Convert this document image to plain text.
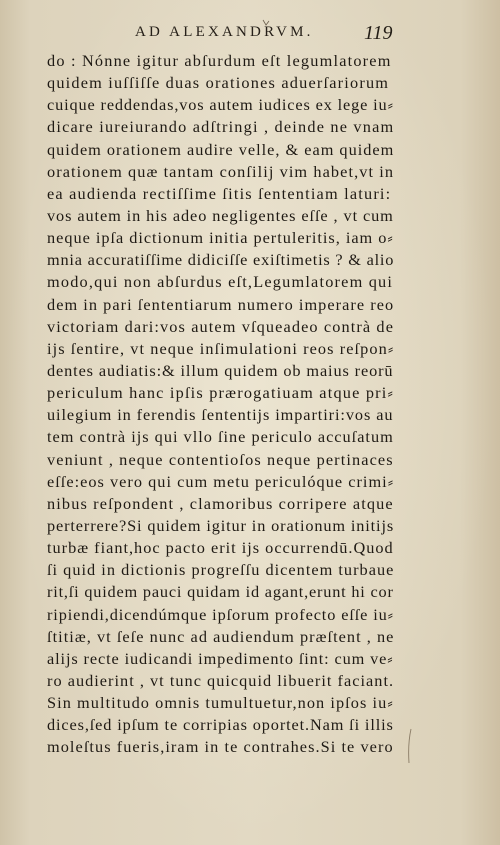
AD ALEXANDRVM.	119
do : Nónne igitur abſurdum eſt legumlatorem
quidem iuſſiſſe duas orationes aduerſariorum
cuique reddendas,vos autem iudices ex lege iu⸗
dicare iureiurando adſtringi , deinde ne vnam
quidem orationem audire velle, & eam quidem
orationem quæ tantam conſilij vim habet,vt in
ea audienda rectiſſime ſitis ſententiam laturi:
vos autem in his adeo negligentes eſſe , vt cum
neque ipſa dictionum initia pertuleritis, iam o⸗
mnia accuratiſſime didiciſſe exiſtimetis ? & alio
modo,qui non abſurdus eſt,Legumlatorem qui
dem in pari ſententiarum numero imperare reo
victoriam dari:vos autem vſqueadeo contrà de
ijs ſentire, vt neque inſimulationi reos reſpon⸗
dentes audiatis:& illum quidem ob maius reorū
periculum hanc ipſis prærogatiuam atque pri⸗
uilegium in ferendis ſententijs impartiri:vos au
tem contrà ijs qui vllo ſine periculo accuſatum
veniunt , neque contentioſos neque pertinaces
eſſe:eos vero qui cum metu periculóque crimi⸗
nibus reſpondent , clamoribus corripere atque
perterrere?Si quidem igitur in orationum initijs
turbæ fiant,hoc pacto erit ijs occurrendū.Quod
ſi quid in dictionis progreſſu dicentem turbaue
rit,ſi quidem pauci quidam id agant,erunt hi cor
ripiendi,dicendúmque ipſorum profecto eſſe iu⸗
ſtitiæ, vt ſeſe nunc ad audiendum præſtent , ne
alijs recte iudicandi impedimento ſint: cum ve⸗
ro audierint , vt tunc quicquid libuerit faciant.
Sin multitudo omnis tumultuetur,non ipſos iu⸗
dices,ſed ipſum te corripias oportet.Nam ſi illis
moleſtus fueris,iram in te contrahes.Si te vero
